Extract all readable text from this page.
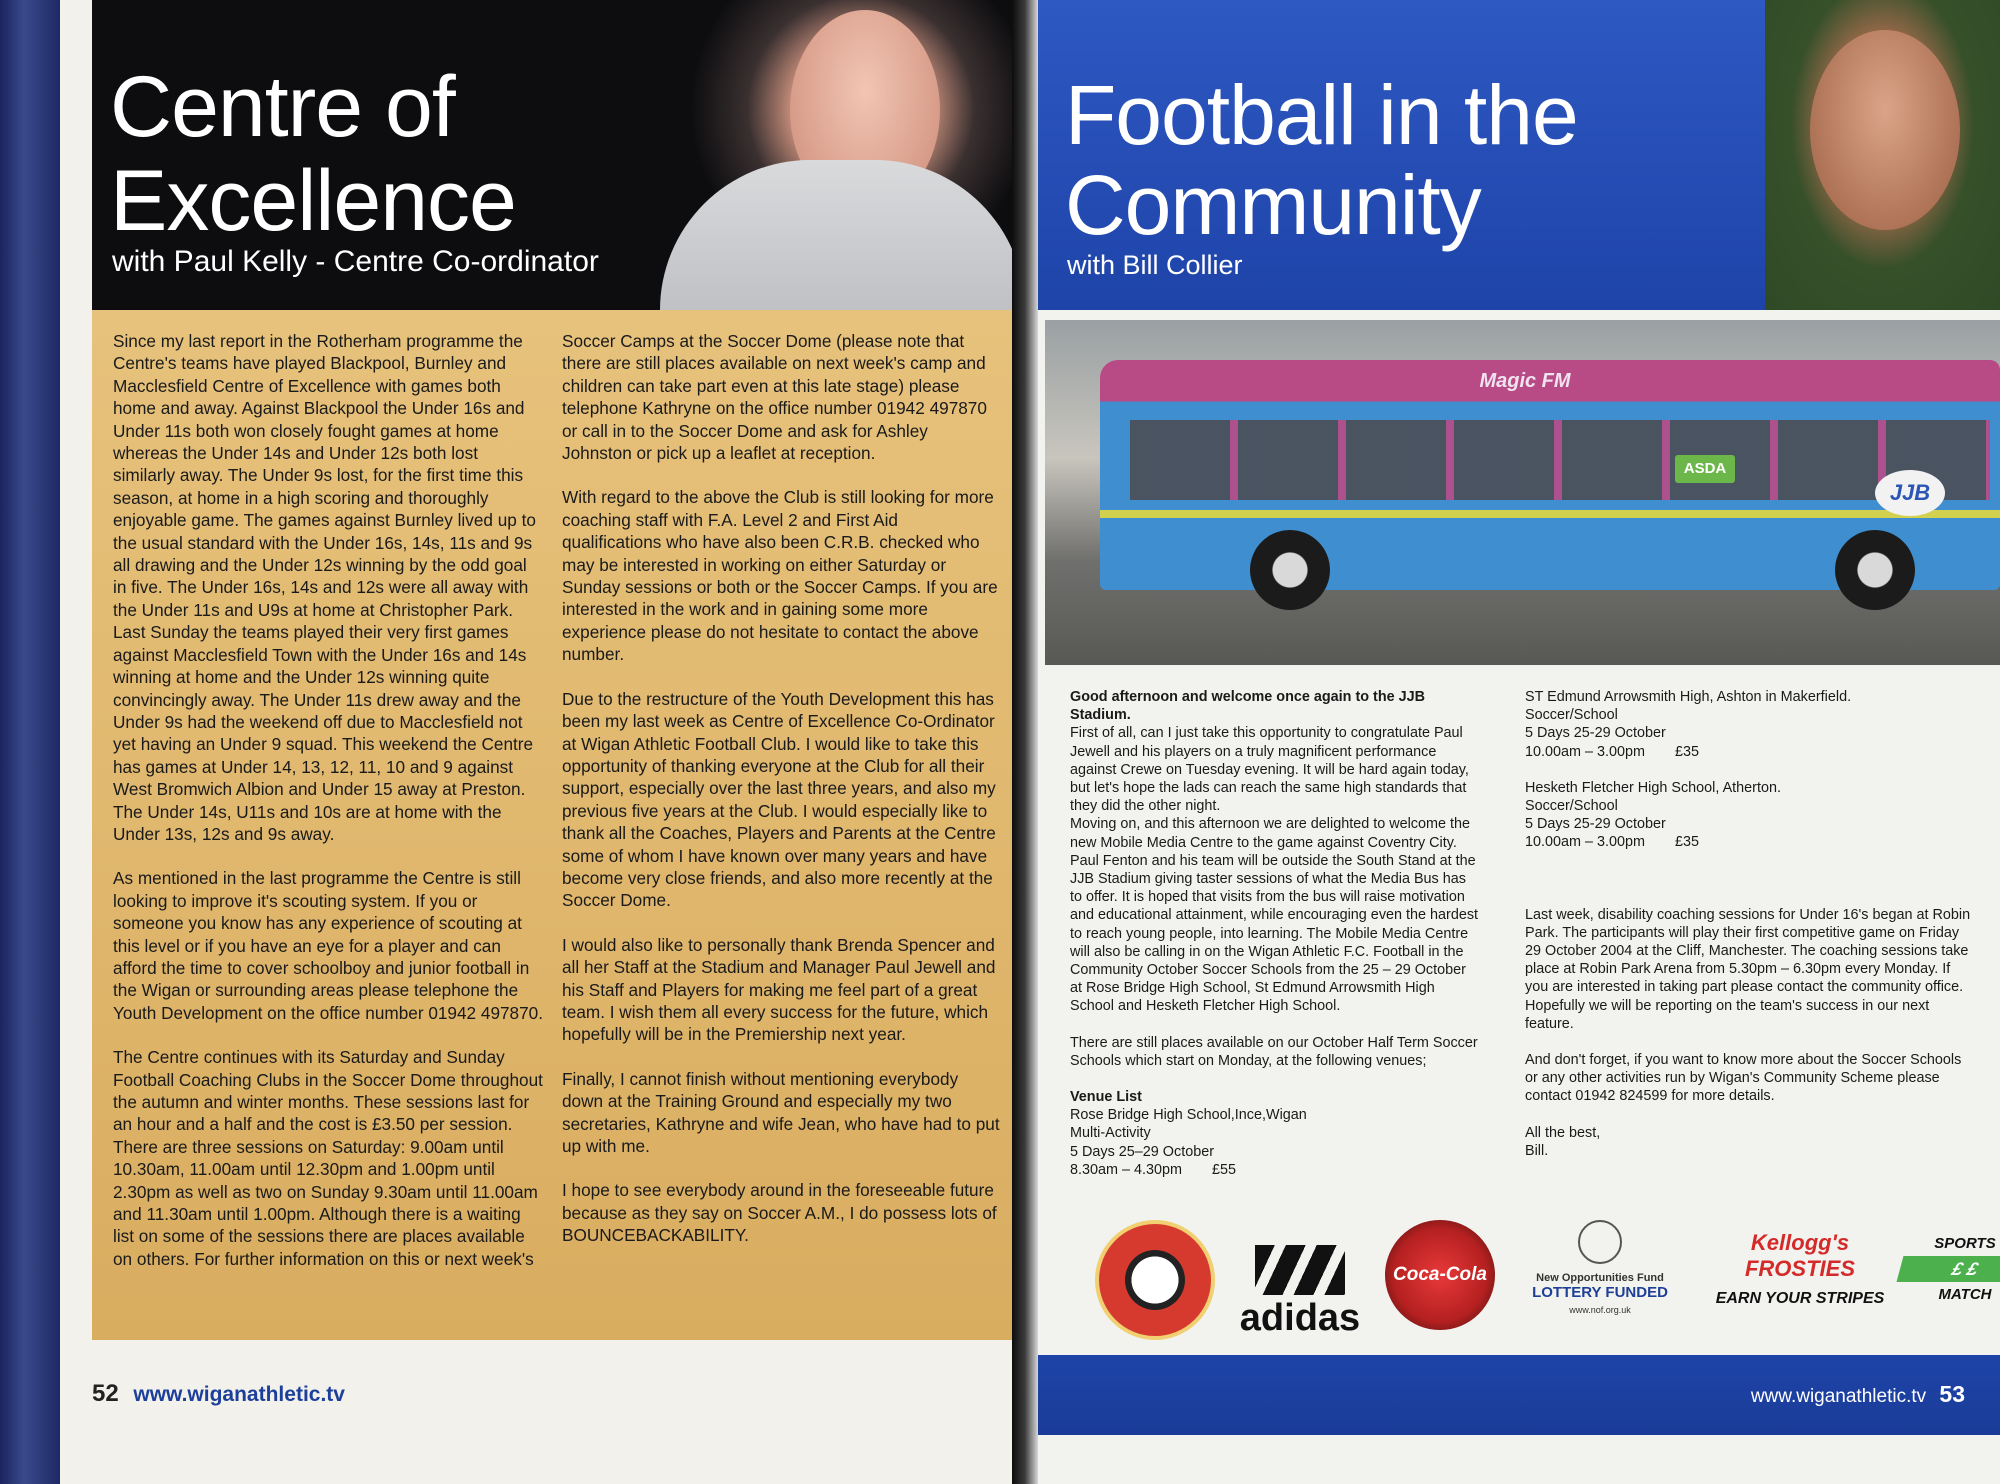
Centre of
Excellence
with Paul Kelly - Centre Co-ordinator

Since my last report in the Rotherham programme the Centre's teams have played Blackpool, Burnley and Macclesfield Centre of Excellence with games both home and away. Against Blackpool the Under 16s and Under 11s both won closely fought games at home whereas the Under 14s and Under 12s both lost similarly away. The Under 9s lost, for the first time this season, at home in a high scoring and thoroughly enjoyable game. The games against Burnley lived up to the usual standard with the Under 16s, 14s, 11s and 9s all drawing and the Under 12s winning by the odd goal in five. The Under 16s, 14s and 12s were all away with the Under 11s and U9s at home at Christopher Park. Last Sunday the teams played their very first games against Macclesfield Town with the Under 16s and 14s winning at home and the Under 12s winning quite convincingly away. The Under 11s drew away and the Under 9s had the weekend off due to Macclesfield not yet having an Under 9 squad. This weekend the Centre has games at Under 14, 13, 12, 11, 10 and 9 against West Bromwich Albion and Under 15 away at Preston. The Under 14s, U11s and 10s are at home with the Under 13s, 12s and 9s away.

As mentioned in the last programme the Centre is still looking to improve it's scouting system. If you or someone you know has any experience of scouting at this level or if you have an eye for a player and can afford the time to cover schoolboy and junior football in the Wigan or surrounding areas please telephone the Youth Development on the office number 01942 497870.

The Centre continues with its Saturday and Sunday Football Coaching Clubs in the Soccer Dome throughout the autumn and winter months. These sessions last for an hour and a half and the cost is £3.50 per session. There are three sessions on Saturday: 9.00am until 10.30am, 11.00am until 12.30pm and 1.00pm until 2.30pm as well as two on Sunday 9.30am until 11.00am and 11.30am until 1.00pm. Although there is a waiting list on some of the sessions there are places available on others. For further information on this or next week's

Soccer Camps at the Soccer Dome (please note that there are still places available on next week's camp and children can take part even at this late stage) please telephone Kathryne on the office number 01942 497870 or call in to the Soccer Dome and ask for Ashley Johnston or pick up a leaflet at reception.

With regard to the above the Club is still looking for more coaching staff with F.A. Level 2 and First Aid qualifications who have also been C.R.B. checked who may be interested in working on either Saturday or Sunday sessions or both or the Soccer Camps. If you are interested in the work and in gaining some more experience please do not hesitate to contact the above number.

Due to the restructure of the Youth Development this has been my last week as Centre of Excellence Co-Ordinator at Wigan Athletic Football Club. I would like to take this opportunity of thanking everyone at the Club for all their support, especially over the last three years, and also my previous five years at the Club. I would especially like to thank all the Coaches, Players and Parents at the Centre some of whom I have known over many years and have become very close friends, and also more recently at the Soccer Dome.

I would also like to personally thank Brenda Spencer and all her Staff at the Stadium and Manager Paul Jewell and his Staff and Players for making me feel part of a great team. I wish them all every success for the future, which hopefully will be in the Premiership next year.

Finally, I cannot finish without mentioning everybody down at the Training Ground and especially my two secretaries, Kathryne and wife Jean, who have had to put up with me.

I hope to see everybody around in the foreseeable future because as they say on Soccer A.M., I do possess lots of BOUNCEBACKABILITY.

52 www.wiganathletic.tv
Football in the
Community
with Bill Collier
Magic FM
ASDA
JJB

Good afternoon and welcome once again to the JJB Stadium.

First of all, can I just take this opportunity to congratulate Paul Jewell and his players on a truly magnificent performance against Crewe on Tuesday evening. It will be hard again today, but let's hope the lads can reach the same high standards that they did the other night.

Moving on, and this afternoon we are delighted to welcome the new Mobile Media Centre to the game against Coventry City. Paul Fenton and his team will be outside the South Stand at the JJB Stadium giving taster sessions of what the Media Bus has to offer. It is hoped that visits from the bus will raise motivation and educational attainment, while encouraging even the hardest to reach young people, into learning. The Mobile Media Centre will also be calling in on the Wigan Athletic F.C. Football in the Community October Soccer Schools from the 25 – 29 October at Rose Bridge High School, St Edmund Arrowsmith High School and Hesketh Fletcher High School.

There are still places available on our October Half Term Soccer Schools which start on Monday, at the following venues;

Venue List
Rose Bridge High School,Ince,Wigan
Multi-Activity
5 Days 25–29 October
8.30am – 4.30pm £55
ST Edmund Arrowsmith High, Ashton in Makerfield.
Soccer/School
5 Days 25-29 October
10.00am – 3.00pm £35
Hesketh Fletcher High School, Atherton.
Soccer/School
5 Days 25-29 October
10.00am – 3.00pm £35

Last week, disability coaching sessions for Under 16's began at Robin Park. The participants will play their first competitive game on Friday 29 October 2004 at the Cliff, Manchester. The coaching sessions take place at Robin Park Arena from 5.30pm – 6.30pm every Monday. If you are interested in taking part please contact the community office. Hopefully we will be reporting on the team's success in our next feature.

And don't forget, if you want to know more about the Soccer Schools or any other activities run by Wigan's Community Scheme please contact 01942 824599 for more details.

All the best,
Bill.
adidas
Coca-Cola	New Opportunities Fund
LOTTERY FUNDED
www.nof.org.uk
Kellogg's FROSTIES
EARN YOUR STRIPES
SPORTS
£ £
MATCH
www.wiganathletic.tv 53
